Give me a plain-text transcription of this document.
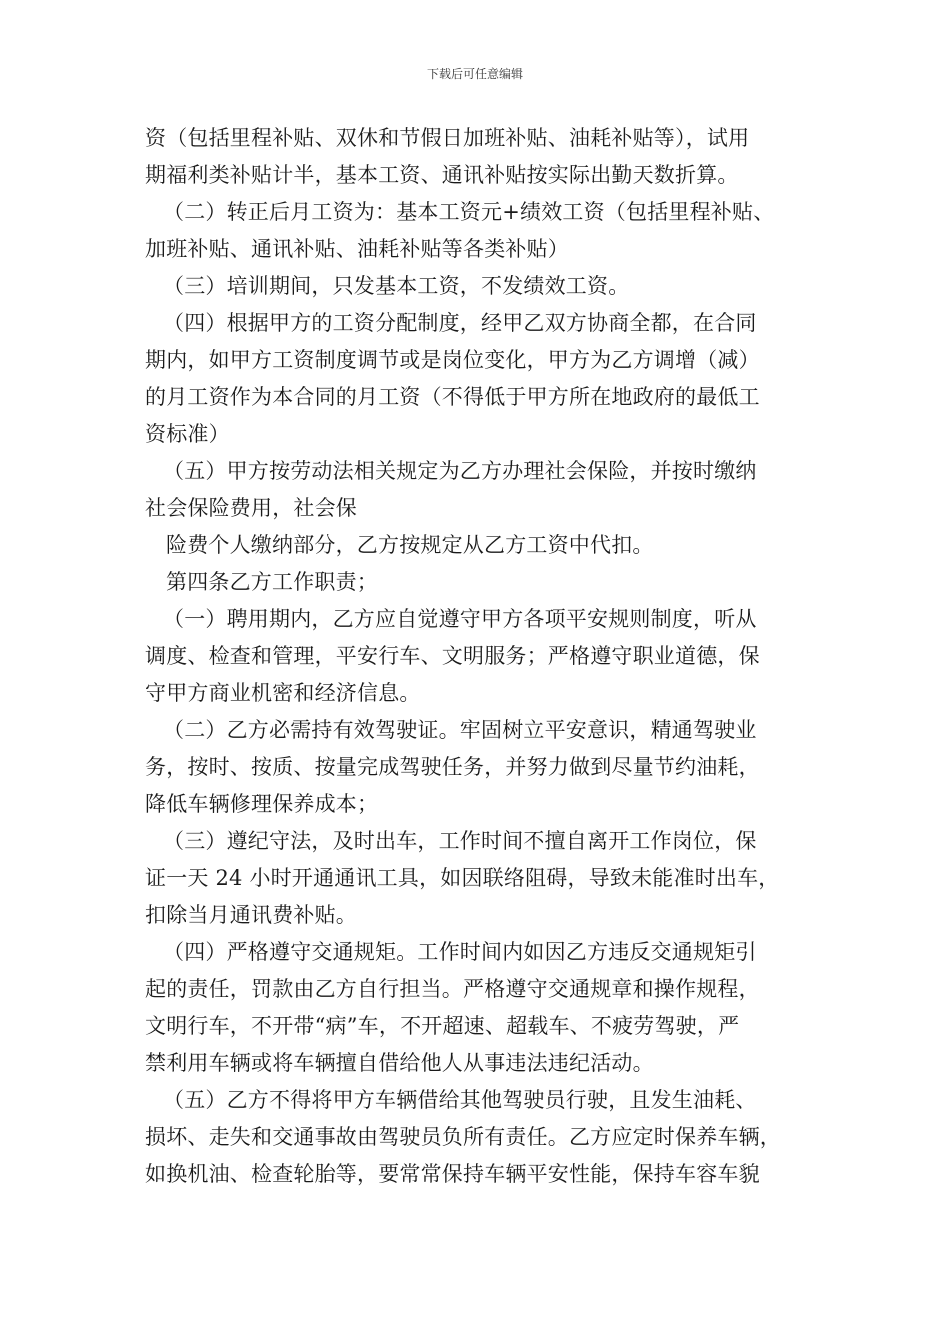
下载后可任意编辑
资（包括里程补贴、双休和节假日加班补贴、油耗补贴等），试用
期福利类补贴计半，基本工资、通讯补贴按实际出勤天数折算。
（二）转正后月工资为：基本工资元+绩效工资（包括里程补贴、
加班补贴、通讯补贴、油耗补贴等各类补贴）
（三）培训期间，只发基本工资，不发绩效工资。
（四）根据甲方的工资分配制度，经甲乙双方协商全都，在合同
期内，如甲方工资制度调节或是岗位变化，甲方为乙方调增（减）
的月工资作为本合同的月工资（不得低于甲方所在地政府的最低工
资标准）
（五）甲方按劳动法相关规定为乙方办理社会保险，并按时缴纳
社会保险费用，社会保
险费个人缴纳部分，乙方按规定从乙方工资中代扣。
第四条乙方工作职责；
（一）聘用期内，乙方应自觉遵守甲方各项平安规则制度，听从
调度、检查和管理，平安行车、文明服务；严格遵守职业道德，保
守甲方商业机密和经济信息。
（二）乙方必需持有效驾驶证。牢固树立平安意识，精通驾驶业
务，按时、按质、按量完成驾驶任务，并努力做到尽量节约油耗，
降低车辆修理保养成本；
（三）遵纪守法，及时出车，工作时间不擅自离开工作岗位，保
证一天 24 小时开通通讯工具，如因联络阻碍，导致未能准时出车，
扣除当月通讯费补贴。
（四）严格遵守交通规矩。工作时间内如因乙方违反交通规矩引
起的责任，罚款由乙方自行担当。严格遵守交通规章和操作规程，
文明行车，不开带“病”车，不开超速、超载车、不疲劳驾驶，严
禁利用车辆或将车辆擅自借给他人从事违法违纪活动。
（五）乙方不得将甲方车辆借给其他驾驶员行驶，且发生油耗、
损坏、走失和交通事故由驾驶员负所有责任。乙方应定时保养车辆，
如换机油、检查轮胎等，要常常保持车辆平安性能，保持车容车貌
